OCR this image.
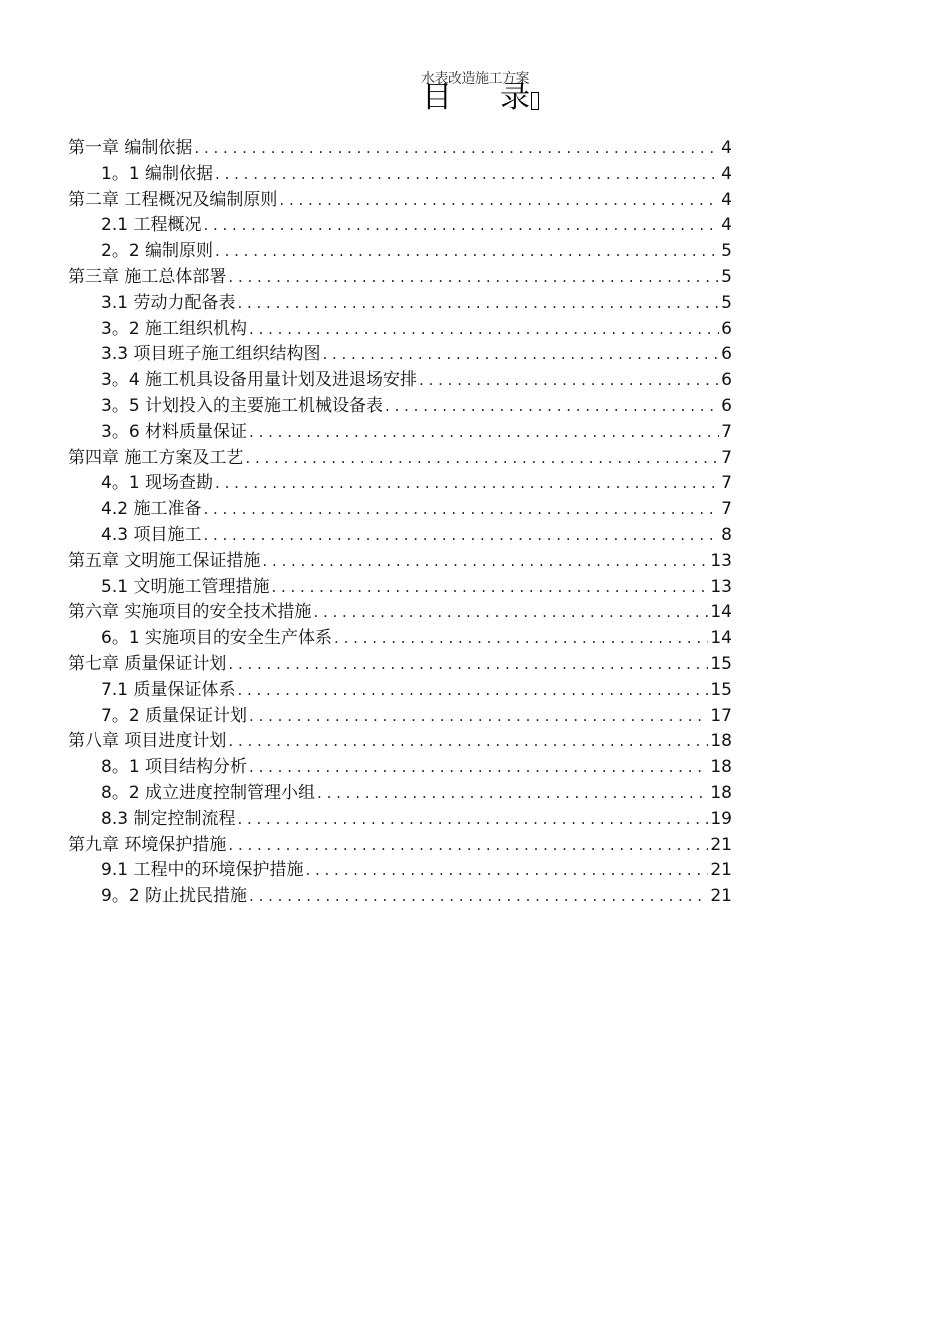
水表改造施工方案
目 录
第一章 编制依据 . . .	4
1。1 编制依据 . . .	4
第二章 工程概况及编制原则 . . .	4
2.1 工程概况 . . .	4
2。2 编制原则 . . .	5
第三章 施工总体部署 . . .	5
3.1 劳动力配备表 . . .	5
3。2 施工组织机构 . . .	6
3.3 项目班子施工组织结构图 . . .	6
3。4 施工机具设备用量计划及进退场安排 . . .	6
3。5 计划投入的主要施工机械设备表 . . .	6
3。6 材料质量保证 . . .	7
第四章 施工方案及工艺 . . .	7
4。1 现场查勘 . . .	7
4.2 施工准备 . . .	7
4.3 项目施工 . . .	8
第五章 文明施工保证措施 . . .	13
5.1 文明施工管理措施 . . .	13
第六章 实施项目的安全技术措施 . . .	14
6。1 实施项目的安全生产体系 . . .	14
第七章 质量保证计划 . . .	15
7.1 质量保证体系 . . .	15
7。2 质量保证计划 . . .	17
第八章 项目进度计划 . . .	18
8。1 项目结构分析 . . .	18
8。2 成立进度控制管理小组 . . .	18
8.3 制定控制流程 . . .	19
第九章 环境保护措施 . . .	21
9.1 工程中的环境保护措施 . . .	21
9。2 防止扰民措施 . . .	21
